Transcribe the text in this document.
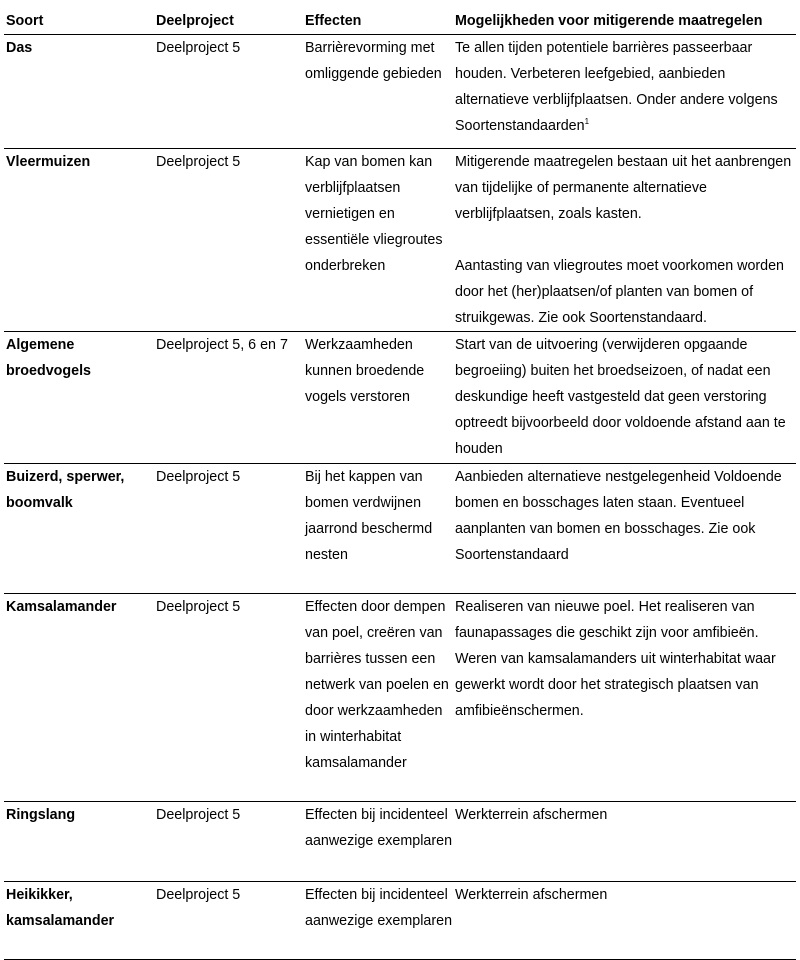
Soort	Deelproject	Effecten	Mogelijkheden voor mitigerende maatregelen
Das	Deelproject 5	Barrièrevorming met omliggende gebieden	Te allen tijden potentiele barrières passeerbaar houden. Verbeteren leefgebied, aanbieden alternatieve verblijfplaatsen. Onder andere volgens Soortenstandaarden$^1$

Vleermuizen	Deelproject 5	Kap van bomen kan verblijfplaatsen vernietigen en essentiële vliegroutes onderbreken	Mitigerende maatregelen bestaan uit het aanbrengen van tijdelijke of permanente alternatieve verblijfplaatsen, zoals kasten.
Aantasting van vliegroutes moet voorkomen worden door het (her)plaatsen/of planten van bomen of struikgewas. Zie ook Soortenstandaard.

Algemene broedvogels	Deelproject 5, 6 en 7	Werkzaamheden kunnen broedende vogels verstoren	Start van de uitvoering (verwijderen opgaande begroeiing) buiten het broedseizoen, of nadat een deskundige heeft vastgesteld dat geen verstoring optreedt bijvoorbeeld door voldoende afstand aan te houden
Buizerd, sperwer, boomvalk	Deelproject 5	Bij het kappen van bomen verdwijnen jaarrond beschermd nesten	Aanbieden alternatieve nestgelegenheid Voldoende bomen en bosschages laten staan. Eventueel aanplanten van bomen en bosschages. Zie ook Soortenstandaard
Kamsalamander	Deelproject 5	Effecten door dempen van poel, creëren van barrières tussen een netwerk van poelen en door werkzaamheden in winterhabitat kamsalamander	Realiseren van nieuwe poel. Het realiseren van faunapassages die geschikt zijn voor amfibieën. Weren van kamsalamanders uit winterhabitat waar gewerkt wordt door het strategisch plaatsen van amfibieënschermen.
Ringslang	Deelproject 5	Effecten bij incidenteel aanwezige exemplaren	Werkterrein afschermen
Heikikker, kamsalamander	Deelproject 5	Effecten bij incidenteel aanwezige exemplaren	Werkterrein afschermen
